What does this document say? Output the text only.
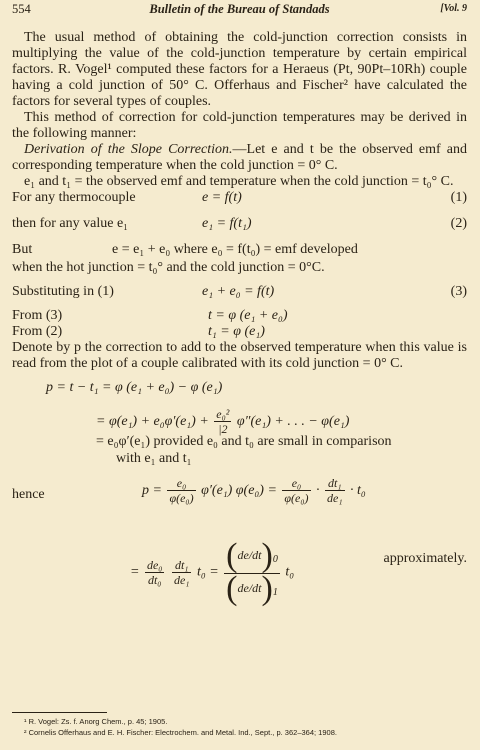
554	Bulletin of the Bureau of Standads	[Vol. 9

The usual method of obtaining the cold-junction correction consists in multiplying the value of the cold-junction temperature by certain empirical factors. R. Vogel¹ computed these factors for a Heraeus (Pt, 90Pt–10Rh) couple having a cold junction of 50° C. Offerhaus and Fischer² have calculated the factors for several types of couples.

This method of correction for cold-junction temperatures may be derived in the following manner:

Derivation of the Slope Correction.—Let e and t be the observed emf and corresponding temperature when the cold junction = 0° C.

e₁ and t₁ = the observed emf and temperature when the cold junction = t₀° C.

For any thermocouple	e = f(t)	(1)
then for any value e₁	e₁ = f(t₁)	(2)
But	e = e₁ + e₀ where e₀ = f(t₀) = emf developed

when the hot junction = t₀° and the cold junction = 0°C.

Substituting in (1)	e₁ + e₀ = f(t)	(3)
From (3)	t = φ (e₁ + e₀)
From (2)	t₁ = φ (e₁)

Denote by p the correction to add to the observed temperature when this value is read from the plot of a couple calibrated with its cold junction = 0° C.

p = t − t₁ = φ (e₁ + e₀) − φ (e₁)
= $\varphi(e_1) + e_0\varphi'(e_1) + \frac{\text{e₀²}}{|2} \varphi''(e_1)$ + . . . − φ(e₁)
= e₀φ′(e₁) provided e₀ and t₀ are small in comparison
with e₁ and t₁
hence	$p = \frac{\text{e₀}}{\text{φ(e₀)}} \varphi'(e_1) \varphi(e_0) = \frac{\text{e₀}}{\text{φ(e₀)}} \cdot \frac{\text{dt₁}}{\text{de₁}} \cdot t_0$
= $\frac{\text{de₀}}{\text{dt₀}}$
$\frac{\text{dt₁}}{\text{de₁}} t_0 = \frac{(de/dt)_0}{(de/dt)_1} t_0$
approximately.
¹ R. Vogel: Zs. f. Anorg Chem., p. 45; 1905.
² Cornelis Offerhaus and E. H. Fischer: Electrochem. and Metal. Ind., Sept., p. 362–364; 1908.
